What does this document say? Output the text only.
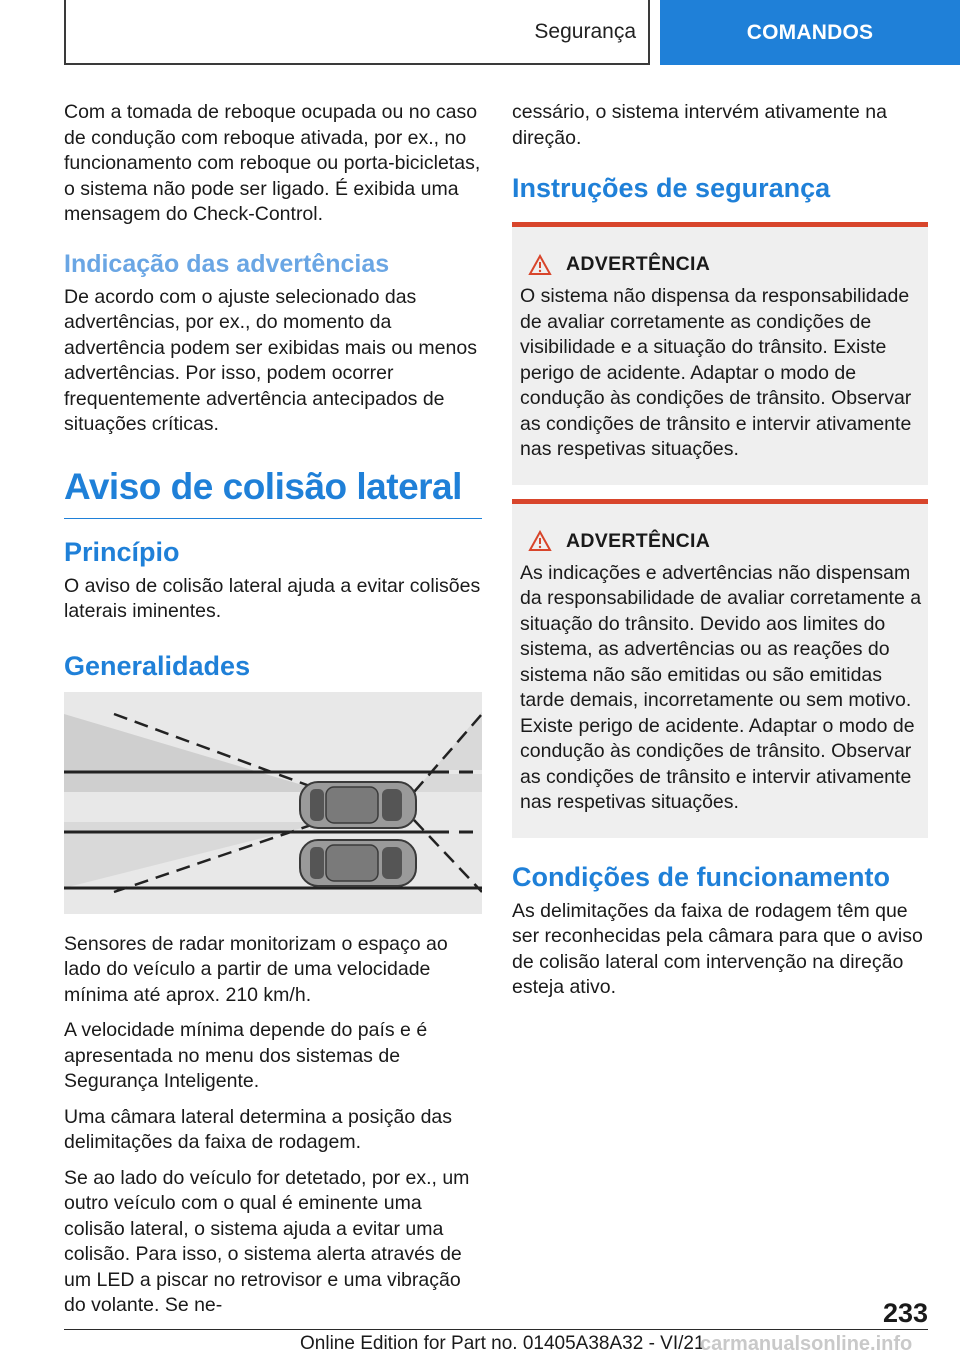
Segurança	COMANDOS

Com a tomada de reboque ocupada ou no caso de condução com reboque ativada, por ex., no funcionamento com reboque ou porta-bicicletas, o sistema não pode ser ligado. É exibida uma mensagem do Check-Control.

Indicação das advertências

De acordo com o ajuste selecionado das advertências, por ex., do momento da advertência podem ser exibidas mais ou menos advertências. Por isso, podem ocorrer frequentemente advertência antecipados de situações críticas.

Aviso de colisão lateral
Princípio

O aviso de colisão lateral ajuda a evitar colisões laterais iminentes.

Generalidades

Sensores de radar monitorizam o espaço ao lado do veículo a partir de uma velocidade mínima até aprox. 210 km/h.

A velocidade mínima depende do país e é apresentada no menu dos sistemas de Segurança Inteligente.

Uma câmara lateral determina a posição das delimitações da faixa de rodagem.

Se ao lado do veículo for detetado, por ex., um outro veículo com o qual é eminente uma colisão lateral, o sistema ajuda a evitar uma colisão. Para isso, o sistema alerta através de um LED a piscar no retrovisor e uma vibração do volante. Se ne-

cessário, o sistema intervém ativamente na direção.

Instruções de segurança
ADVERTÊNCIA

O sistema não dispensa da responsabilidade de avaliar corretamente as condições de visibilidade e a situação do trânsito. Existe perigo de acidente. Adaptar o modo de condução às condições de trânsito. Observar as condições de trânsito e intervir ativamente nas respetivas situações.

ADVERTÊNCIA

As indicações e advertências não dispensam da responsabilidade de avaliar corretamente a situação do trânsito. Devido aos limites do sistema, as advertências ou as reações do sistema não são emitidas ou são emitidas tarde demais, incorretamente ou sem motivo. Existe perigo de acidente. Adaptar o modo de condução às condições de trânsito. Observar as condições de trânsito e intervir ativamente nas respetivas situações.

Condições de funcionamento

As delimitações da faixa de rodagem têm que ser reconhecidas pela câmara para que o aviso de colisão lateral com intervenção na direção esteja ativo.

233
Online Edition for Part no. 01405A38A32 - VI/21
carmanualsonline.info
